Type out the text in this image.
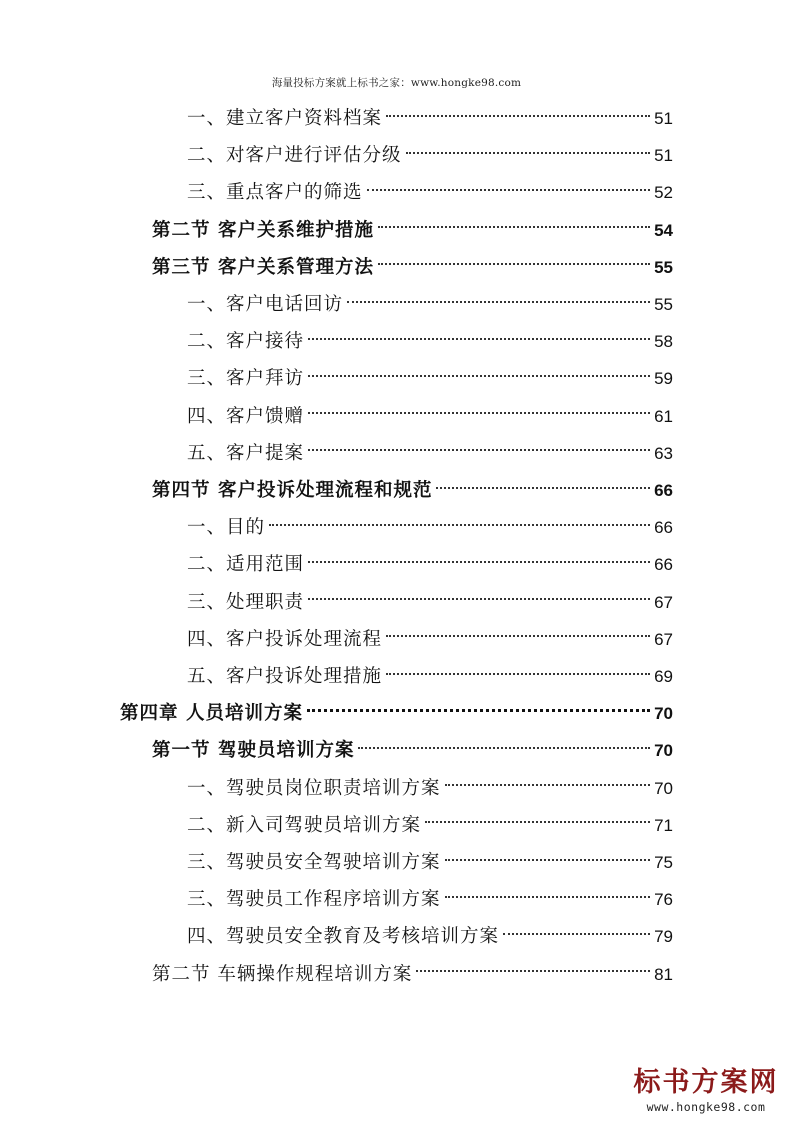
海量投标方案就上标书之家：www.hongke98.com
一、建立客户资料档案	51
二、对客户进行评估分级	51
三、重点客户的筛选	52
第二节 客户关系维护措施	54
第三节 客户关系管理方法	55
一、客户电话回访	55
二、客户接待	58
三、客户拜访	59
四、客户馈赠	61
五、客户提案	63
第四节 客户投诉处理流程和规范	66
一、目的	66
二、适用范围	66
三、处理职责	67
四、客户投诉处理流程	67
五、客户投诉处理措施	69
第四章 人员培训方案	70
第一节 驾驶员培训方案	70
一、驾驶员岗位职责培训方案	70
二、新入司驾驶员培训方案	71
三、驾驶员安全驾驶培训方案	75
三、驾驶员工作程序培训方案	76
四、驾驶员安全教育及考核培训方案	79
第二节 车辆操作规程培训方案	81
标书方案网
www.hongke98.com
